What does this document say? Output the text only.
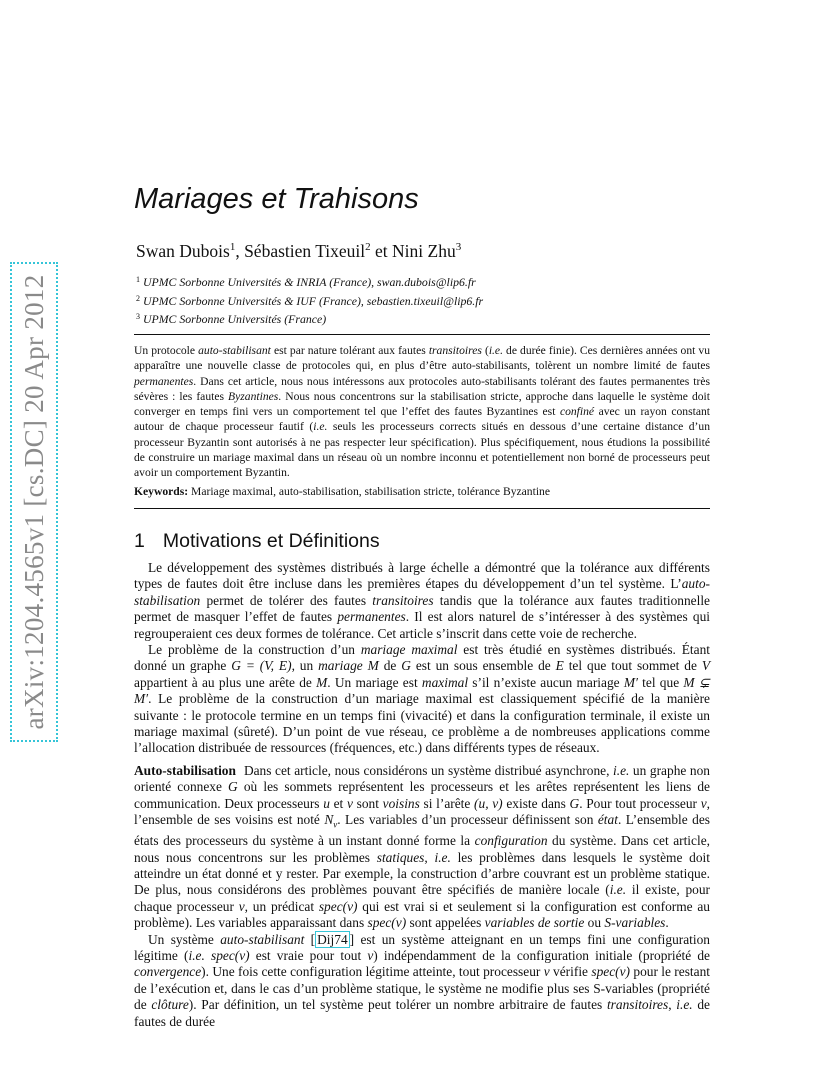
arXiv:1204.4565v1 [cs.DC] 20 Apr 2012
Mariages et Trahisons
Swan Dubois$^1$, Sébastien Tixeuil$^2$ et Nini Zhu$^3$
$^1$ UPMC Sorbonne Universités & INRIA (France), swan.dubois@lip6.fr
$^2$ UPMC Sorbonne Universités & IUF (France), sebastien.tixeuil@lip6.fr
$^3$ UPMC Sorbonne Universités (France)

Un protocole auto-stabilisant est par nature tolérant aux fautes transitoires (i.e. de durée finie). Ces dernières années ont vu apparaître une nouvelle classe de protocoles qui, en plus d’être auto-stabilisants, tolèrent un nombre limité de fautes permanentes. Dans cet article, nous nous intéressons aux protocoles auto-stabilisants tolérant des fautes permanentes très sévères : les fautes Byzantines. Nous nous concentrons sur la stabilisation stricte, approche dans laquelle le système doit converger en temps fini vers un comportement tel que l’effet des fautes Byzantines est confiné avec un rayon constant autour de chaque processeur fautif (i.e. seuls les processeurs corrects situés en dessous d’une certaine distance d’un processeur Byzantin sont autorisés à ne pas respecter leur spécification). Plus spécifiquement, nous étudions la possibilité de construire un mariage maximal dans un réseau où un nombre inconnu et potentiellement non borné de processeurs peut avoir un comportement Byzantin.

Keywords: Mariage maximal, auto-stabilisation, stabilisation stricte, tolérance Byzantine

1 Motivations et Définitions

Le développement des systèmes distribués à large échelle a démontré que la tolérance aux différents types de fautes doit être incluse dans les premières étapes du développement d’un tel système. L’auto-stabilisation permet de tolérer des fautes transitoires tandis que la tolérance aux fautes traditionnelle permet de masquer l’effet de fautes permanentes. Il est alors naturel de s’intéresser à des systèmes qui regrouperaient ces deux formes de tolérance. Cet article s’inscrit dans cette voie de recherche.

Le problème de la construction d’un mariage maximal est très étudié en systèmes distribués. Étant donné un graphe G = (V, E), un mariage M de G est un sous ensemble de E tel que tout sommet de V appartient à au plus une arête de M. Un mariage est maximal s’il n’existe aucun mariage M′ tel que M ⊊ M′. Le problème de la construction d’un mariage maximal est classiquement spécifié de la manière suivante : le protocole termine en un temps fini (vivacité) et dans la configuration terminale, il existe un mariage maximal (sûreté). D’un point de vue réseau, ce problème a de nombreuses applications comme l’allocation distribuée de ressources (fréquences, etc.) dans différents types de réseaux.

Auto-stabilisation Dans cet article, nous considérons un système distribué asynchrone, i.e. un graphe non orienté connexe G où les sommets représentent les processeurs et les arêtes représentent les liens de communication. Deux processeurs u et v sont voisins si l’arête (u, v) existe dans G. Pour tout processeur v, l’ensemble de ses voisins est noté $N_v$. Les variables d’un processeur définissent son état. L’ensemble des états des processeurs du système à un instant donné forme la configuration du système. Dans cet article, nous nous concentrons sur les problèmes statiques, i.e. les problèmes dans lesquels le système doit atteindre un état donné et y rester. Par exemple, la construction d’arbre couvrant est un problème statique. De plus, nous considérons des problèmes pouvant être spécifiés de manière locale (i.e. il existe, pour chaque processeur v, un prédicat spec(v) qui est vrai si et seulement si la configuration est conforme au problème). Les variables apparaissant dans spec(v) sont appelées variables de sortie ou S-variables.

Un système auto-stabilisant [ Dij74 ] est un système atteignant en un temps fini une configuration légitime (i.e. spec(v) est vraie pour tout v) indépendamment de la configuration initiale (propriété de convergence). Une fois cette configuration légitime atteinte, tout processeur v vérifie spec(v) pour le restant de l’exécution et, dans le cas d’un problème statique, le système ne modifie plus ses S-variables (propriété de clôture). Par définition, un tel système peut tolérer un nombre arbitraire de fautes transitoires, i.e. de fautes de durée
